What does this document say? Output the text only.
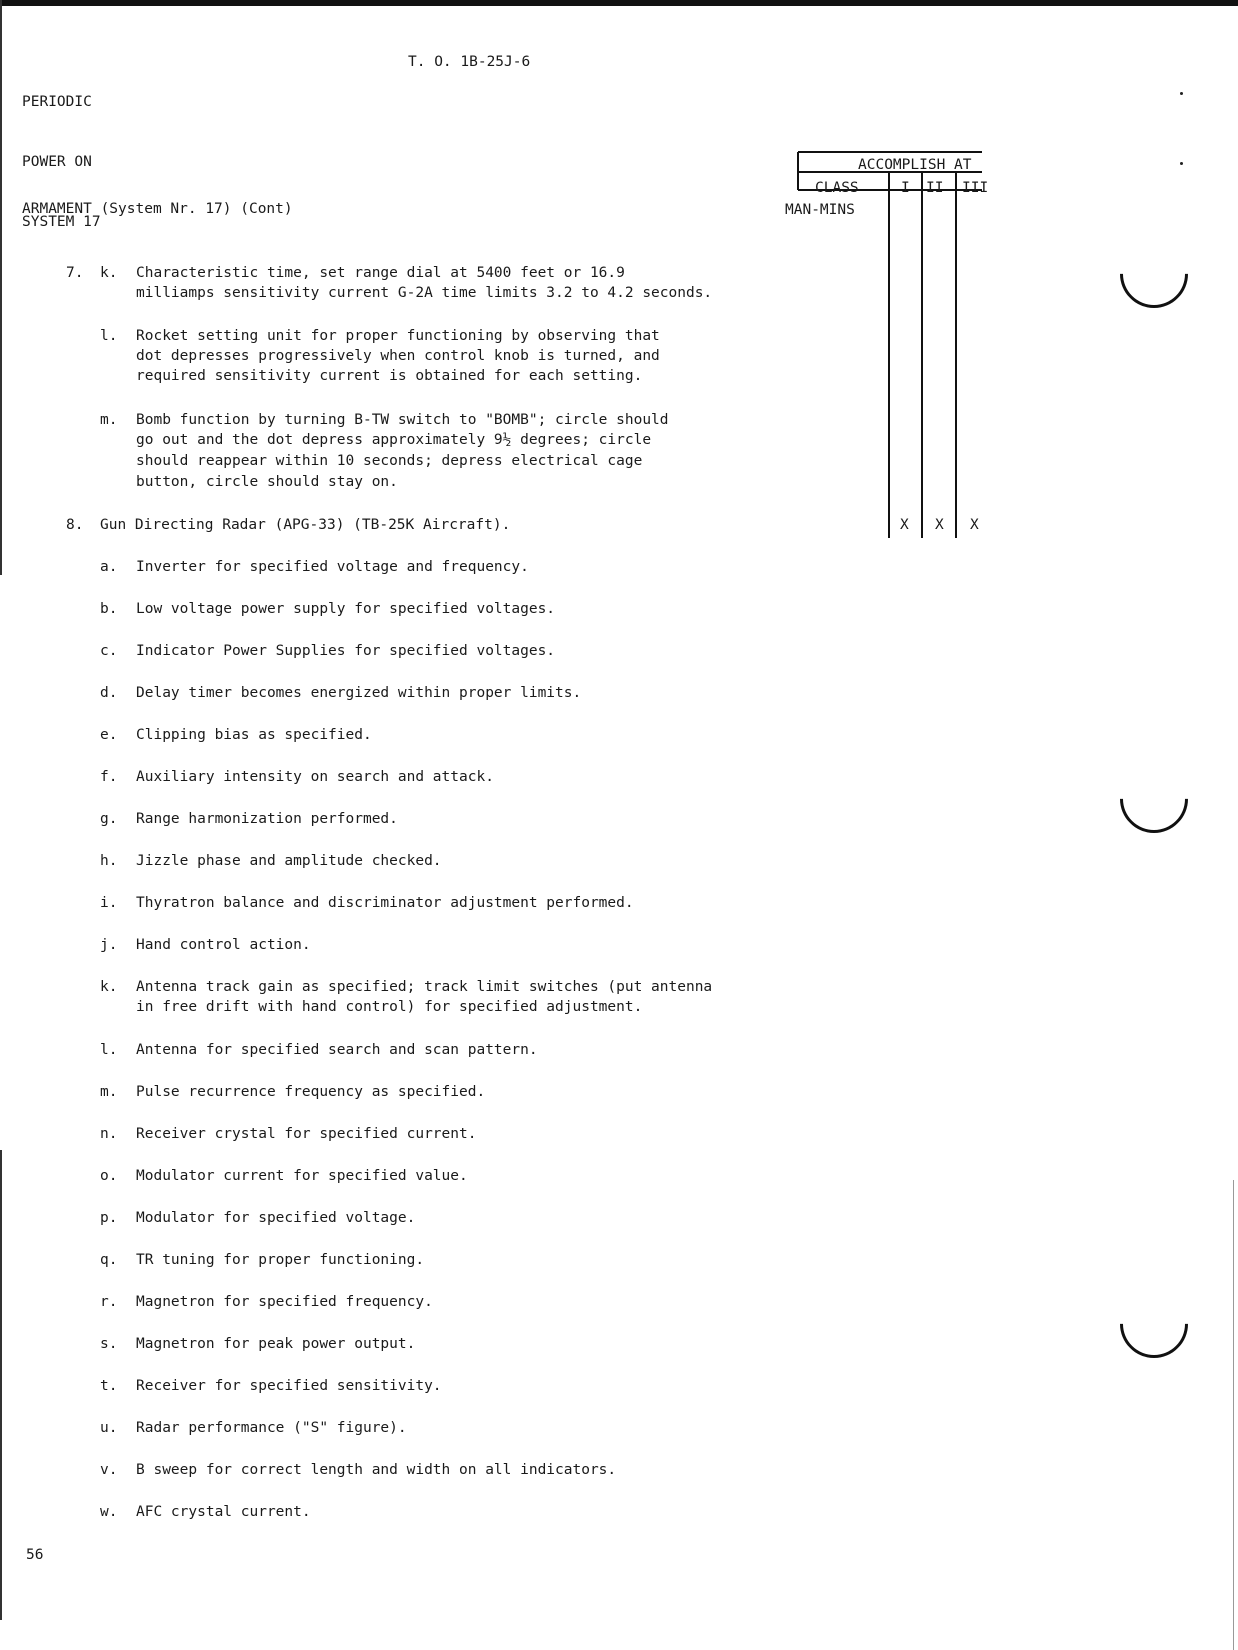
PERIODIC

POWER ON

SYSTEM 17

T. O. 1B-25J-6
ARMAMENT (System Nr. 17) (Cont)
ACCOMPLISH AT
CLASS	I II III
MAN-MINS
X X X
7. k. Characteristic time, set range dial at 5400 feet or 16.9
milliamps sensitivity current G-2A time limits 3.2 to 4.2 seconds.
l. Rocket setting unit for proper functioning by observing that
dot depresses progressively when control knob is turned, and
required sensitivity current is obtained for each setting.
m. Bomb function by turning B-TW switch to "BOMB"; circle should
go out and the dot depress approximately 9½ degrees; circle
should reappear within 10 seconds; depress electrical cage
button, circle should stay on.
8. Gun Directing Radar (APG-33) (TB-25K Aircraft).
a. Inverter for specified voltage and frequency.
b. Low voltage power supply for specified voltages.
c. Indicator Power Supplies for specified voltages.
d. Delay timer becomes energized within proper limits.
e. Clipping bias as specified.
f. Auxiliary intensity on search and attack.
g. Range harmonization performed.
h. Jizzle phase and amplitude checked.
i. Thyratron balance and discriminator adjustment performed.
j. Hand control action.
k. Antenna track gain as specified; track limit switches (put antenna
in free drift with hand control) for specified adjustment.
l. Antenna for specified search and scan pattern.
m. Pulse recurrence frequency as specified.
n. Receiver crystal for specified current.
o. Modulator current for specified value.
p. Modulator for specified voltage.
q. TR tuning for proper functioning.
r. Magnetron for specified frequency.
s. Magnetron for peak power output.
t. Receiver for specified sensitivity.
u. Radar performance ("S" figure).
v. B sweep for correct length and width on all indicators.
w. AFC crystal current.
56
